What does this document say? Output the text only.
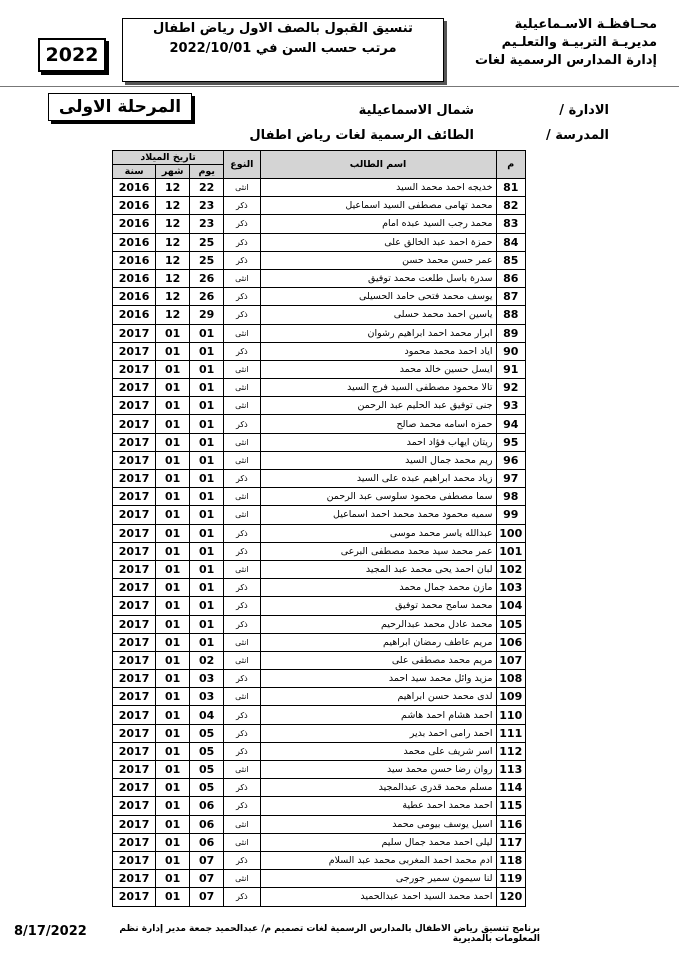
2022
تنسيق القبول بالصف الاول رياض اطفال
مرتب حسب السن في 2022/10/01
محـافظـة الاسـماعيلية
مديريـة التربيـة والتعلـيم
إدارة المدارس الرسمية لغات
المرحلة الاولى	الادارة /
شمال الاسماعيلية
المدرسة /
الطائف الرسمية لغات رياض اطفال
م	اسم الطالب	النوع	تاريخ الميلاد		
			يوم	شهر	سنة
81	خديجه احمد محمد السيد	انثى	22	12	2016
82	محمد تهامى مصطفى السيد اسماعيل	ذكر	23	12	2016
83	محمد رجب السيد عبده امام	ذكر	23	12	2016
84	حمزة احمد عبد الخالق على	ذكر	25	12	2016
85	عمر حسن محمد حسن	ذكر	25	12	2016
86	سدرة باسل طلعت محمد توفيق	انثى	26	12	2016
87	يوسف محمد فتحى حامد الحسيلى	ذكر	26	12	2016
88	ياسين احمد محمد حسلى	ذكر	29	12	2016
89	ابرار محمد احمد ابراهيم رشوان	انثى	01	01	2017
90	اياد احمد محمد محمود	ذكر	01	01	2017
91	ايسل حسين خالد محمد	انثى	01	01	2017
92	تالا محمود مصطفى السيد فرج السيد	انثى	01	01	2017
93	جنى توفيق عبد الحليم عبد الرحمن	انثى	01	01	2017
94	حمزه اسامه محمد صالح	ذكر	01	01	2017
95	ريتان ايهاب فؤاد احمد	انثى	01	01	2017
96	ريم محمد جمال السيد	انثى	01	01	2017
97	زياد محمد ابراهيم عبده على السيد	ذكر	01	01	2017
98	سما مصطفى محمود سلوسى عبد الرحمن	انثى	01	01	2017
99	سميه محمود محمد محمد احمد اسماعيل	انثى	01	01	2017
100	عبدالله ياسر محمد موسى	ذكر	01	01	2017
101	عمر محمد سيد محمد مصطفى البرعى	ذكر	01	01	2017
102	لبان احمد يحى محمد عبد المجيد	انثى	01	01	2017
103	مازن محمد جمال محمد	ذكر	01	01	2017
104	محمد سامح محمد توفيق	ذكر	01	01	2017
105	محمد عادل محمد عبدالرحيم	ذكر	01	01	2017
106	مريم عاطف رمضان ابراهيم	انثى	01	01	2017
107	مريم محمد مصطفى على	انثى	02	01	2017
108	مزيد وائل محمد سيد احمد	ذكر	03	01	2017
109	لدى محمد حسن ابراهيم	انثى	03	01	2017
110	احمد هشام احمد هاشم	ذكر	04	01	2017
111	احمد رامى احمد بدير	ذكر	05	01	2017
112	اسر شريف على محمد	ذكر	05	01	2017
113	روان رضا حسن محمد سيد	انثى	05	01	2017
114	مسلم محمد قدرى عبدالمجيد	ذكر	05	01	2017
115	احمد محمد احمد عطية	ذكر	06	01	2017
116	اسيل يوسف بيومى محمد	انثى	06	01	2017
117	ليلى احمد محمد جمال سليم	انثى	06	01	2017
118	ادم محمد احمد المغربى محمد عبد السلام	ذكر	07	01	2017
119	لنا سيمون سمير جورجى	انثى	07	01	2017
120	احمد محمد السيد احمد عبدالحميد	ذكر	07	01	2017
8/17/2022	برنامج تنسيق رياض الاطفال بالمدارس الرسمية لغات تصميم م/ عبدالحميد جمعة مدير إدارة نظم المعلومات بالمديرية
